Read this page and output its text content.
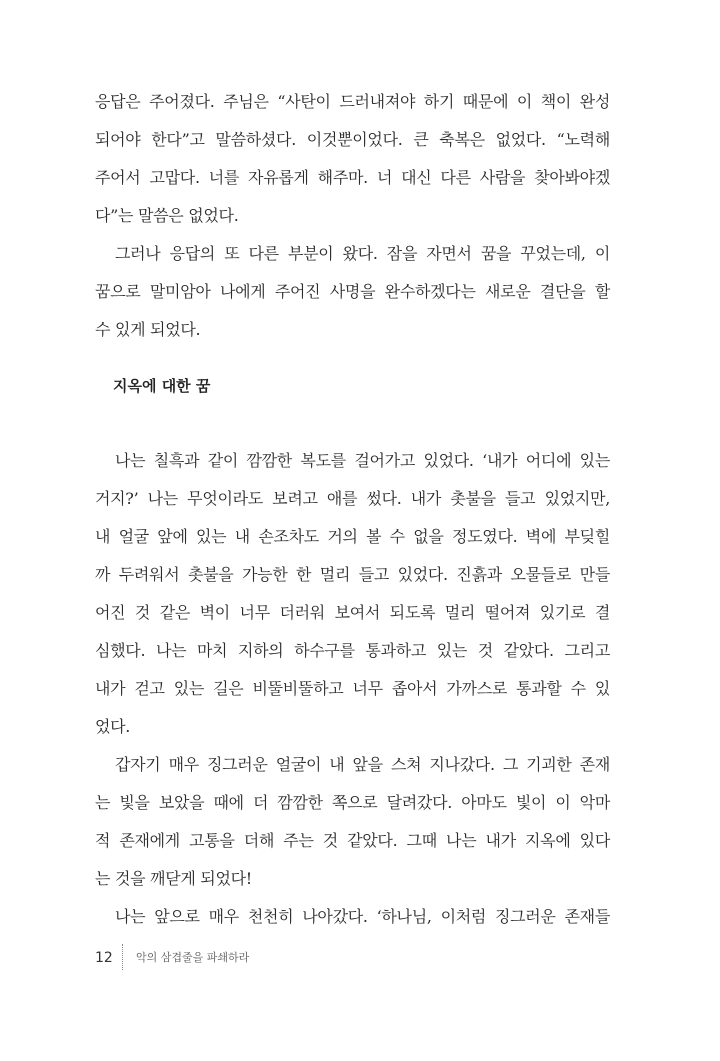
응답은 주어졌다. 주님은 “사탄이 드러내져야 하기 때문에 이 책이 완성
되어야 한다”고 말씀하셨다. 이것뿐이었다. 큰 축복은 없었다. “노력해
주어서 고맙다. 너를 자유롭게 해주마. 너 대신 다른 사람을 찾아봐야겠
다”는 말씀은 없었다.
그러나 응답의 또 다른 부분이 왔다. 잠을 자면서 꿈을 꾸었는데, 이
꿈으로 말미암아 나에게 주어진 사명을 완수하겠다는 새로운 결단을 할
수 있게 되었다.
지옥에 대한 꿈
나는 칠흑과 같이 깜깜한 복도를 걸어가고 있었다. ‘내가 어디에 있는
거지?’ 나는 무엇이라도 보려고 애를 썼다. 내가 촛불을 들고 있었지만,
내 얼굴 앞에 있는 내 손조차도 거의 볼 수 없을 정도였다. 벽에 부딪힐
까 두려워서 촛불을 가능한 한 멀리 들고 있었다. 진흙과 오물들로 만들
어진 것 같은 벽이 너무 더러워 보여서 되도록 멀리 떨어져 있기로 결
심했다. 나는 마치 지하의 하수구를 통과하고 있는 것 같았다. 그리고
내가 걷고 있는 길은 비뚤비뚤하고 너무 좁아서 가까스로 통과할 수 있
었다.
갑자기 매우 징그러운 얼굴이 내 앞을 스쳐 지나갔다. 그 기괴한 존재
는 빛을 보았을 때에 더 깜깜한 쪽으로 달려갔다. 아마도 빛이 이 악마
적 존재에게 고통을 더해 주는 것 같았다. 그때 나는 내가 지옥에 있다
는 것을 깨닫게 되었다!
나는 앞으로 매우 천천히 나아갔다. ‘하나님, 이처럼 징그러운 존재들
12 악의 삼겹줄을 파쇄하라
